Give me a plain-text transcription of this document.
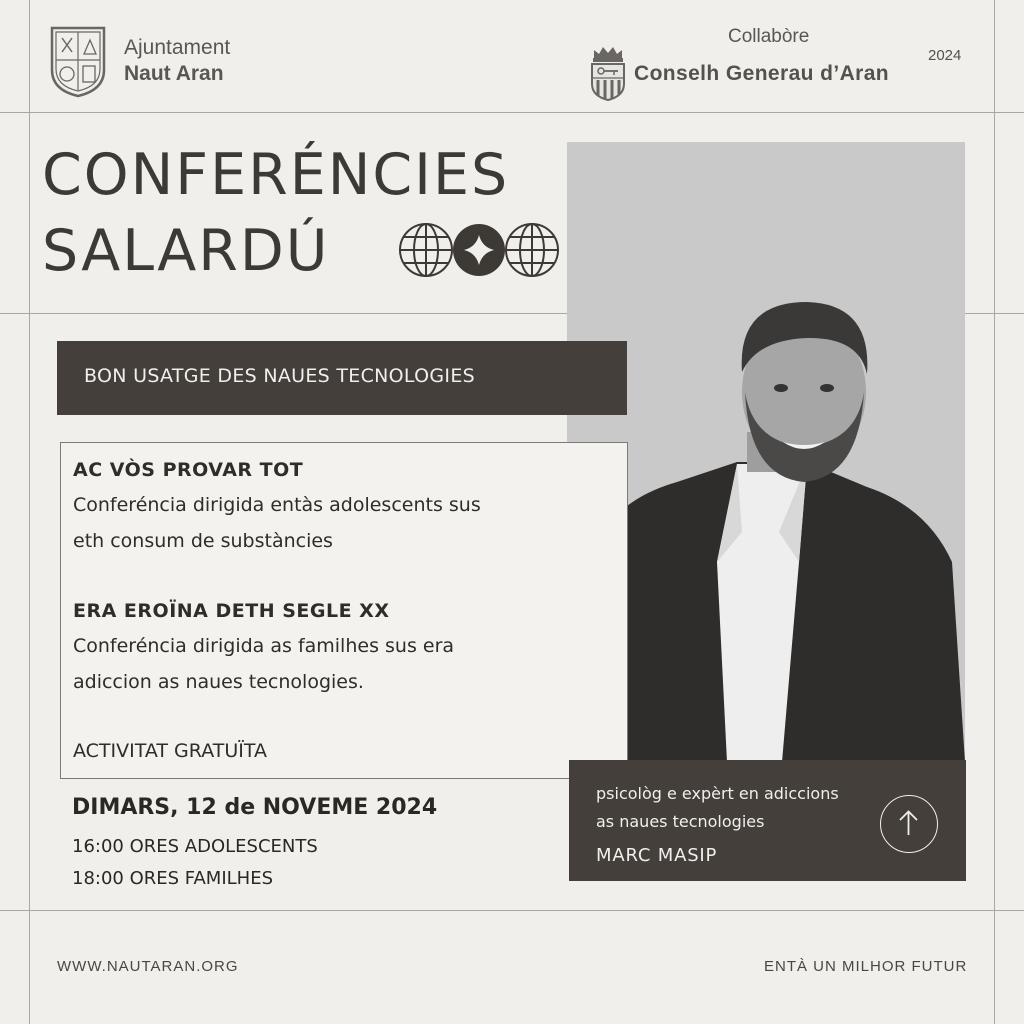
Ajuntament
Naut Aran
Collabòre
Conselh Generau d’Aran
2024
CONFERÉNCIES
SALARDÚ
BON USATGE DES NAUES TECNOLOGIES
AC VÒS PROVAR TOT
Conferéncia dirigida entàs adolescents sus
eth consum de substàncies
ERA EROÏNA DETH SEGLE XX
Conferéncia dirigida as familhes sus era
adiccion as naues tecnologies.
ACTIVITAT GRATUÏTA
DIMARS, 12 de NOVEME 2024
16:00 ORES ADOLESCENTS
18:00 ORES FAMILHES
psicològ e expèrt en adiccions
as naues tecnologies
MARC MASIP
WWW.NAUTARAN.ORG	ENTÀ UN MILHOR FUTUR
